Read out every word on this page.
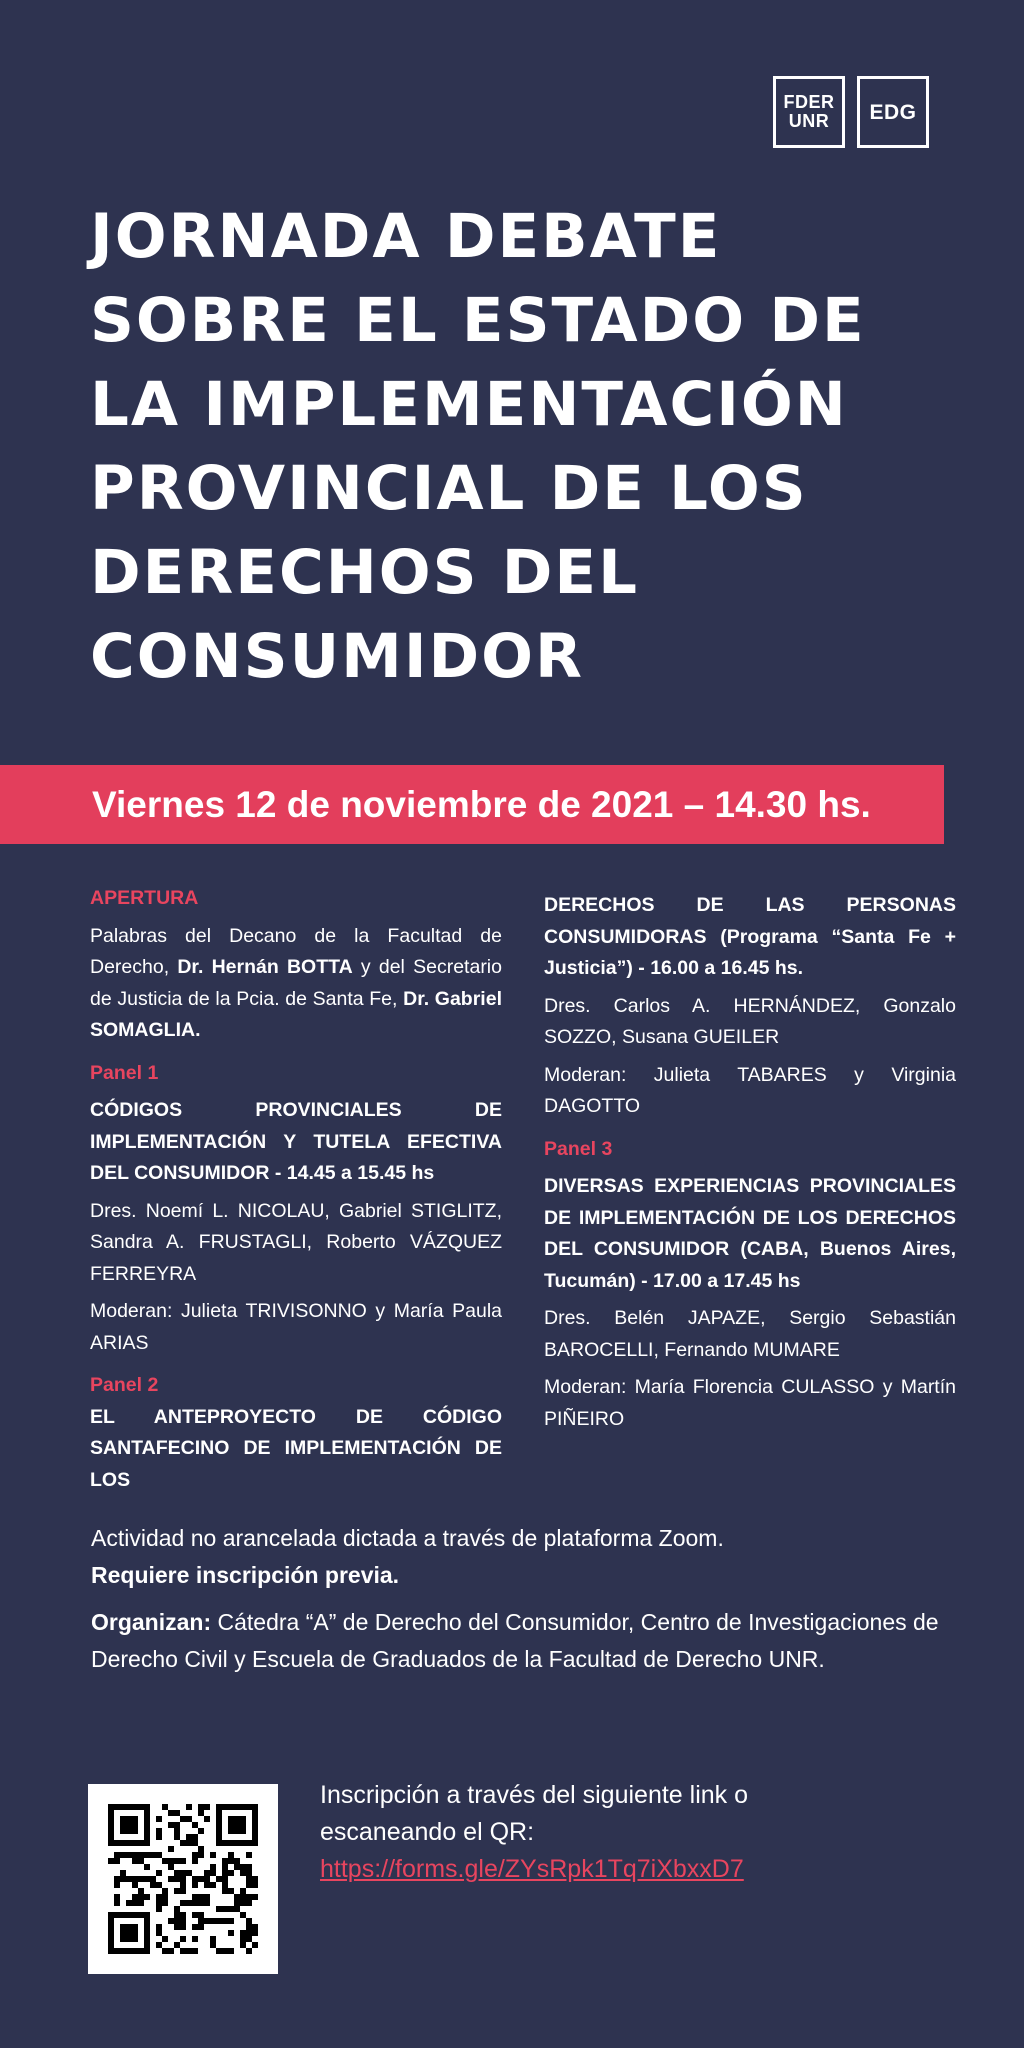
FDER
UNR EDG
JORNADA DEBATE
SOBRE EL ESTADO DE
LA IMPLEMENTACIÓN
PROVINCIAL DE LOS
DERECHOS DEL
CONSUMIDOR
Viernes 12 de noviembre de 2021 – 14.30 hs.
APERTURA

Palabras del Decano de la Facultad de Derecho, Dr. Hernán BOTTA y del Secretario de Justicia de la Pcia. de Santa Fe, Dr. Gabriel SOMAGLIA.

Panel 1

CÓDIGOS PROVINCIALES DE IMPLEMENTACIÓN Y TUTELA EFECTIVA DEL CONSUMIDOR - 14.45 a 15.45 hs

Dres. Noemí L. NICOLAU, Gabriel STIGLITZ, Sandra A. FRUSTAGLI, Roberto VÁZQUEZ FERREYRA

Moderan: Julieta TRIVISONNO y María Paula ARIAS

Panel 2

EL ANTEPROYECTO DE CÓDIGO SANTAFECINO DE IMPLEMENTACIÓN DE LOS

DERECHOS DE LAS PERSONAS CONSUMIDORAS (Programa “Santa Fe + Justicia”) - 16.00 a 16.45 hs.

Dres. Carlos A. HERNÁNDEZ, Gonzalo SOZZO, Susana GUEILER

Moderan: Julieta TABARES y Virginia DAGOTTO

Panel 3

DIVERSAS EXPERIENCIAS PROVINCIALES DE IMPLEMENTACIÓN DE LOS DERECHOS DEL CONSUMIDOR (CABA, Buenos Aires, Tucumán) - 17.00 a 17.45 hs

Dres. Belén JAPAZE, Sergio Sebastián BAROCELLI, Fernando MUMARE

Moderan: María Florencia CULASSO y Martín PIÑEIRO

Actividad no arancelada dictada a través de plataforma Zoom.

Requiere inscripción previa.

Organizan: Cátedra “A” de Derecho del Consumidor, Centro de Investigaciones de Derecho Civil y Escuela de Graduados de la Facultad de Derecho UNR.

Inscripción a través del siguiente link o escaneando el QR:

https://forms.gle/ZYsRpk1Tq7iXbxxD7
